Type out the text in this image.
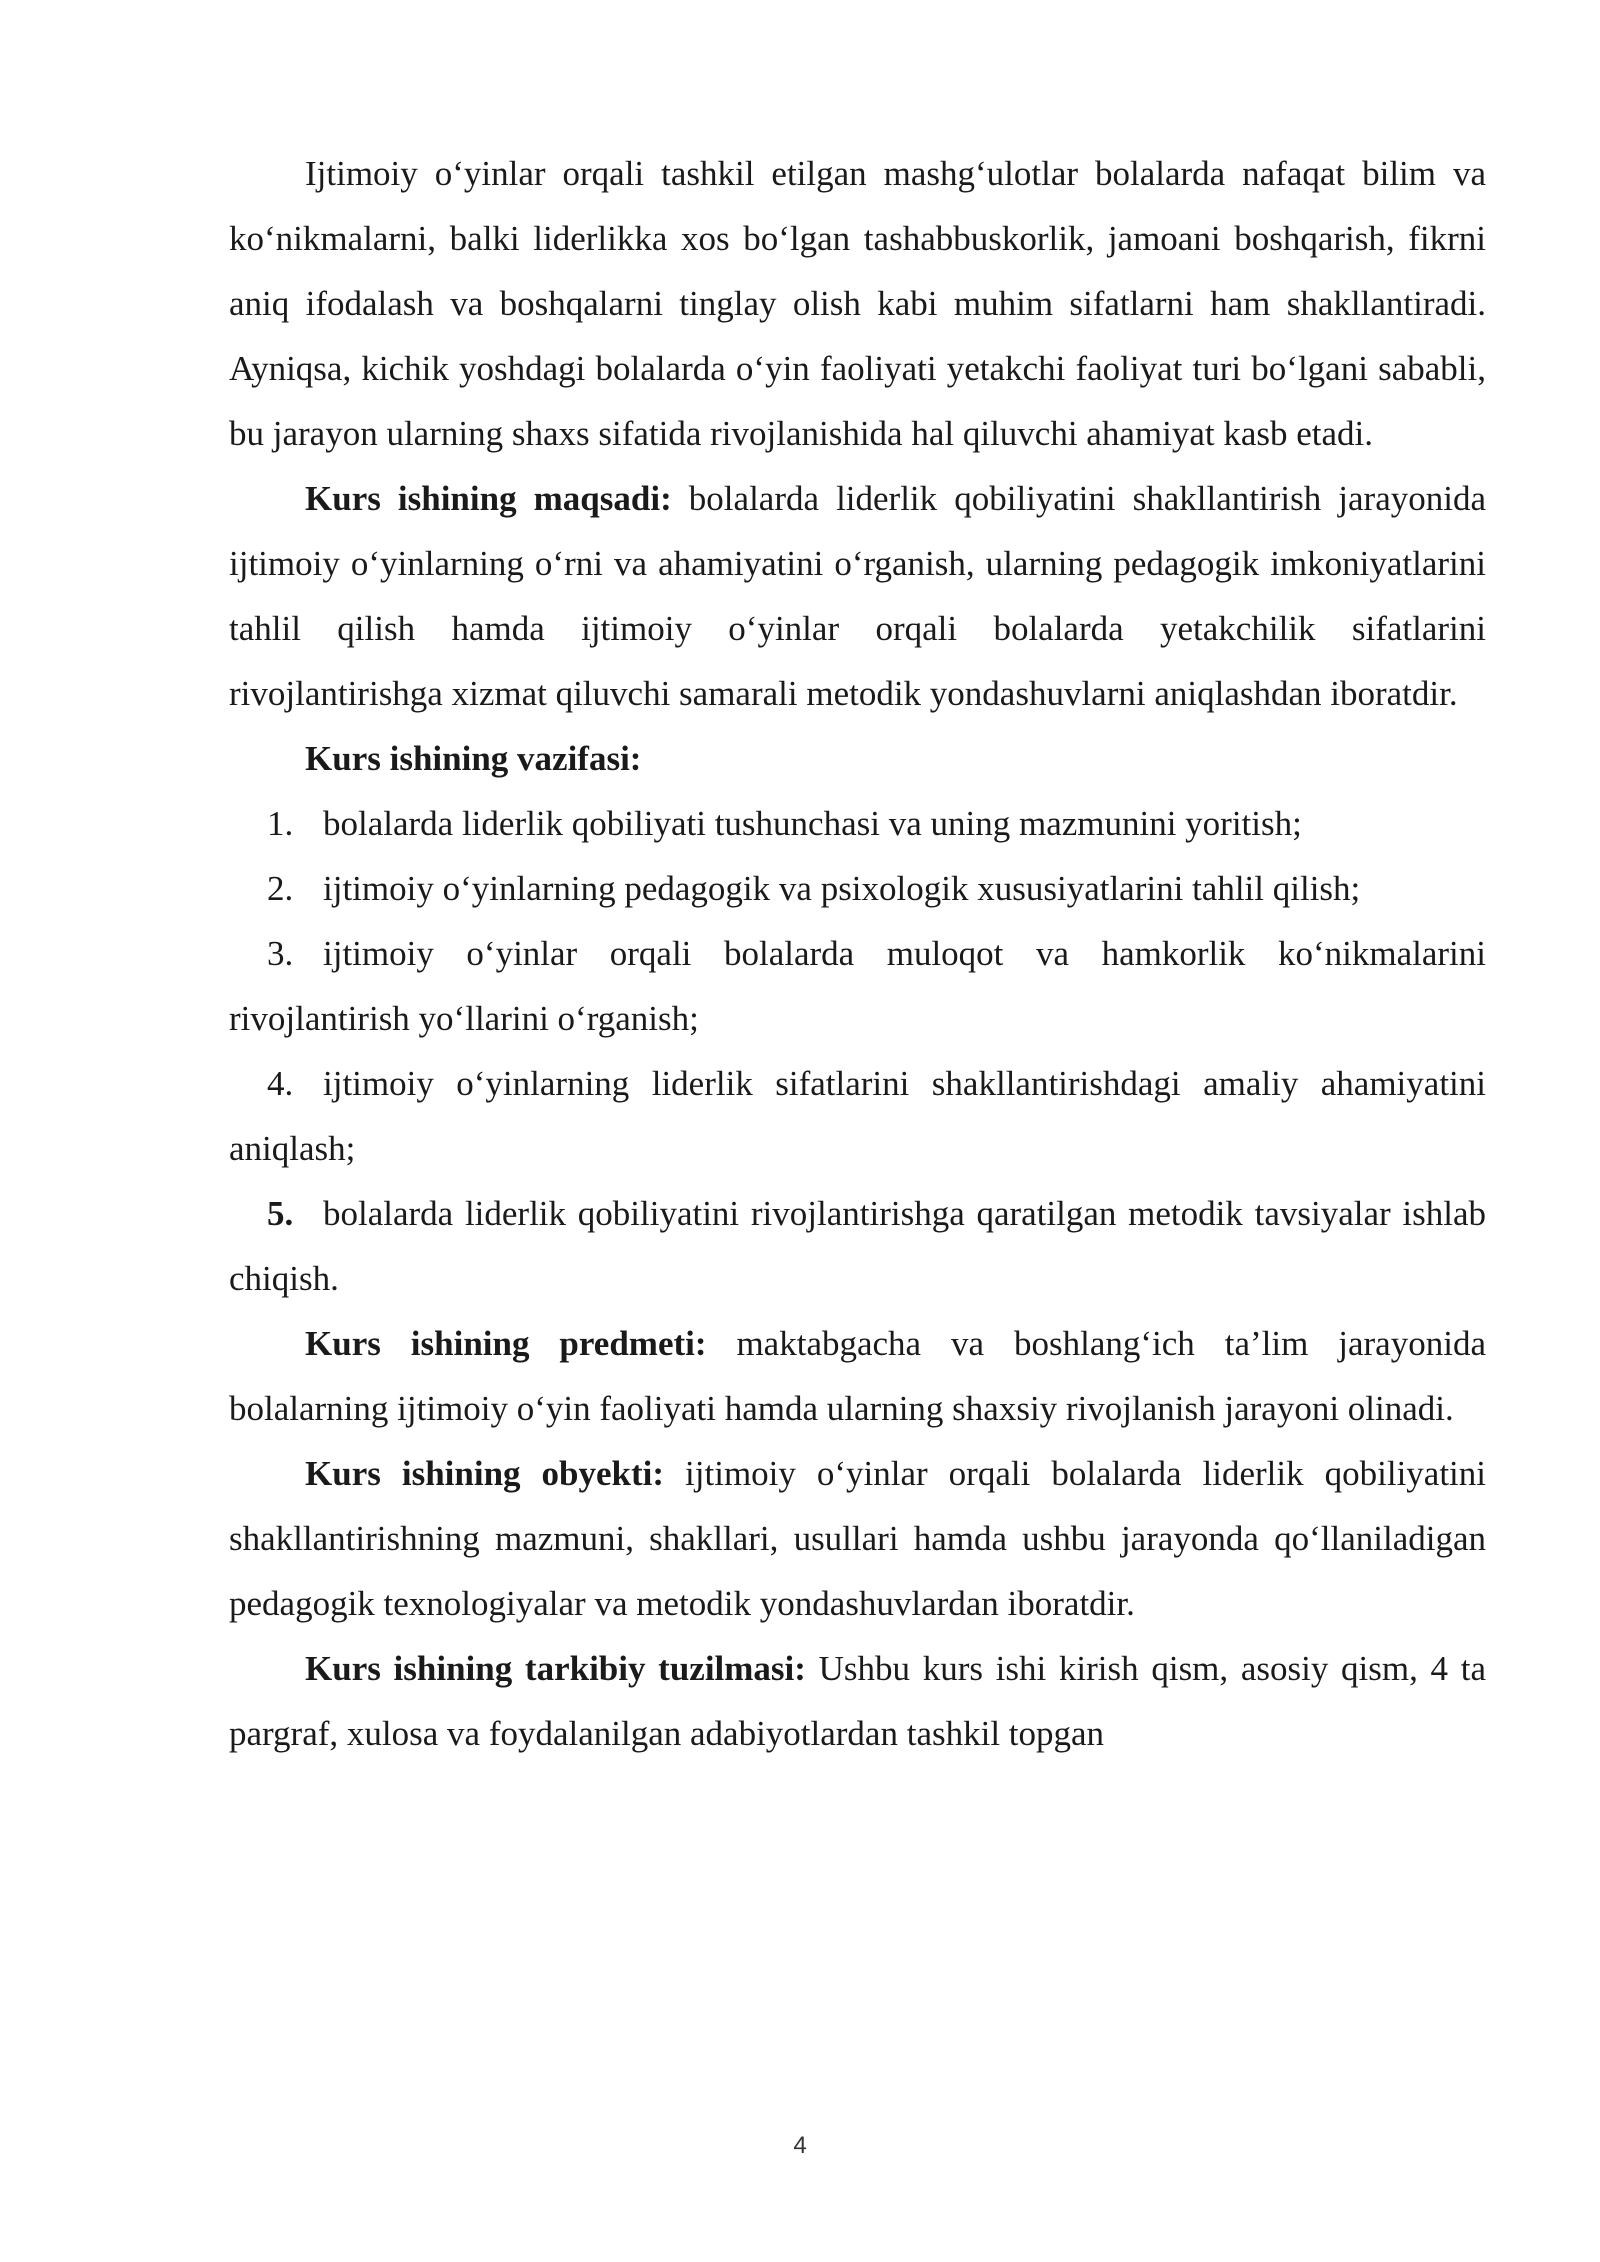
Ijtimoiy o‘yinlar orqali tashkil etilgan mashg‘ulotlar bolalarda nafaqat bilim va ko‘nikmalarni, balki liderlikka xos bo‘lgan tashabbuskorlik, jamoani boshqarish, fikrni aniq ifodalash va boshqalarni tinglay olish kabi muhim sifatlarni ham shakllantiradi. Ayniqsa, kichik yoshdagi bolalarda o‘yin faoliyati yetakchi faoliyat turi bo‘lgani sababli, bu jarayon ularning shaxs sifatida rivojlanishida hal qiluvchi ahamiyat kasb etadi.

Kurs ishining maqsadi: bolalarda liderlik qobiliyatini shakllantirish jarayonida ijtimoiy o‘yinlarning o‘rni va ahamiyatini o‘rganish, ularning pedagogik imkoniyatlarini tahlil qilish hamda ijtimoiy o‘yinlar orqali bolalarda yetakchilik sifatlarini rivojlantirishga xizmat qiluvchi samarali metodik yondashuvlarni aniqlashdan iboratdir.

Kurs ishining vazifasi:

1. bolalarda liderlik qobiliyati tushunchasi va uning mazmunini yoritish;

2. ijtimoiy o‘yinlarning pedagogik va psixologik xususiyatlarini tahlil qilish;

3. ijtimoiy o‘yinlar orqali bolalarda muloqot va hamkorlik ko‘nikmalarini rivojlantirish yo‘llarini o‘rganish;

4. ijtimoiy o‘yinlarning liderlik sifatlarini shakllantirishdagi amaliy ahamiyatini aniqlash;

5. bolalarda liderlik qobiliyatini rivojlantirishga qaratilgan metodik tavsiyalar ishlab chiqish.

Kurs ishining predmeti: maktabgacha va boshlang‘ich ta’lim jarayonida bolalarning ijtimoiy o‘yin faoliyati hamda ularning shaxsiy rivojlanish jarayoni olinadi.

Kurs ishining obyekti: ijtimoiy o‘yinlar orqali bolalarda liderlik qobiliyatini shakllantirishning mazmuni, shakllari, usullari hamda ushbu jarayonda qo‘llaniladigan pedagogik texnologiyalar va metodik yondashuvlardan iboratdir.

Kurs ishining tarkibiy tuzilmasi: Ushbu kurs ishi kirish qism, asosiy qism, 4 ta pargraf, xulosa va foydalanilgan adabiyotlardan tashkil topgan

4
